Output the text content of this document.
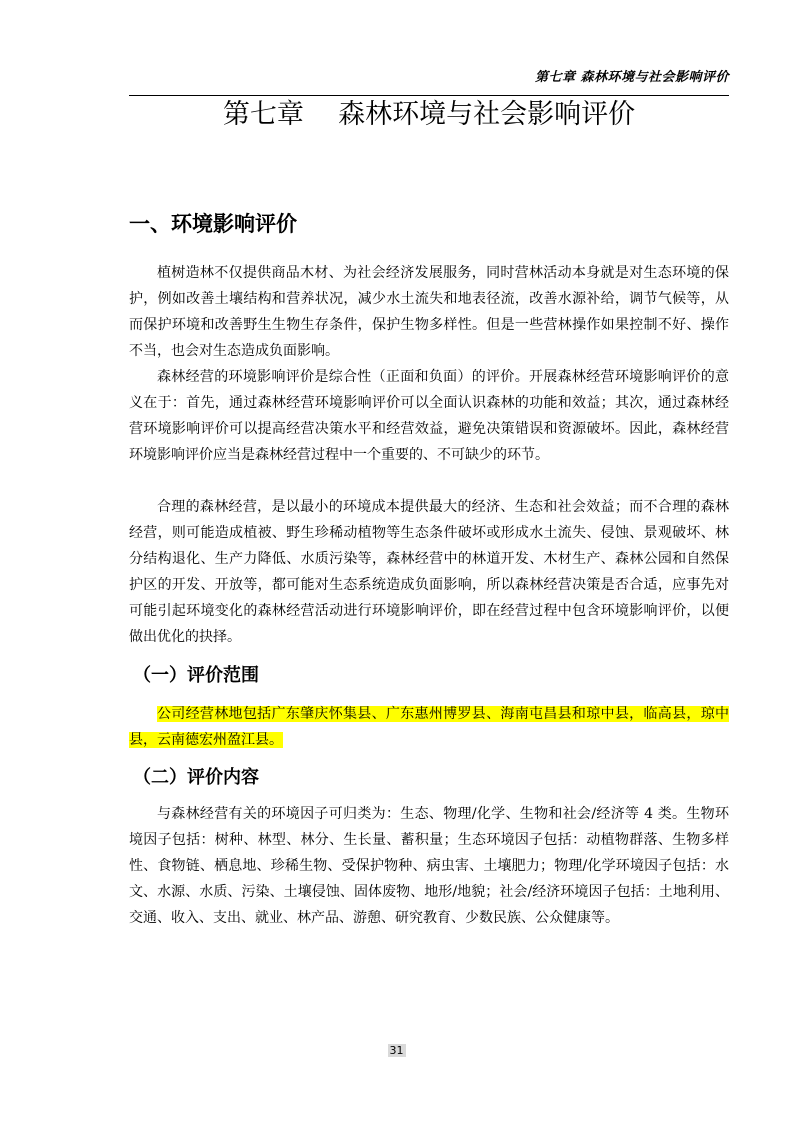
第七章 森林环境与社会影响评价
第七章    森林环境与社会影响评价
一、环境影响评价

植树造林不仅提供商品木材、为社会经济发展服务，同时营林活动本身就是对生态环境的保护，例如改善土壤结构和营养状况，减少水土流失和地表径流，改善水源补给，调节气候等，从而保护环境和改善野生生物生存条件，保护生物多样性。但是一些营林操作如果控制不好、操作不当，也会对生态造成负面影响。

森林经营的环境影响评价是综合性（正面和负面）的评价。开展森林经营环境影响评价的意义在于：首先，通过森林经营环境影响评价可以全面认识森林的功能和效益；其次，通过森林经营环境影响评价可以提高经营决策水平和经营效益，避免决策错误和资源破坏。因此，森林经营环境影响评价应当是森林经营过程中一个重要的、不可缺少的环节。

合理的森林经营，是以最小的环境成本提供最大的经济、生态和社会效益；而不合理的森林经营，则可能造成植被、野生珍稀动植物等生态条件破坏或形成水土流失、侵蚀、景观破坏、林分结构退化、生产力降低、水质污染等，森林经营中的林道开发、木材生产、森林公园和自然保护区的开发、开放等，都可能对生态系统造成负面影响，所以森林经营决策是否合适，应事先对可能引起环境变化的森林经营活动进行环境影响评价，即在经营过程中包含环境影响评价，以便做出优化的抉择。

（一）评价范围

公司经营林地包括广东肇庆怀集县、广东惠州博罗县、海南屯昌县和琼中县，临高县，琼中县，云南德宏州盈江县。

（二）评价内容

与森林经营有关的环境因子可归类为：生态、物理/化学、生物和社会/经济等 4 类。生物环境因子包括：树种、林型、林分、生长量、蓄积量；生态环境因子包括：动植物群落、生物多样性、食物链、栖息地、珍稀生物、受保护物种、病虫害、土壤肥力；物理/化学环境因子包括：水文、水源、水质、污染、土壤侵蚀、固体废物、地形/地貌；社会/经济环境因子包括：土地利用、交通、收入、支出、就业、林产品、游憩、研究教育、少数民族、公众健康等。

31
